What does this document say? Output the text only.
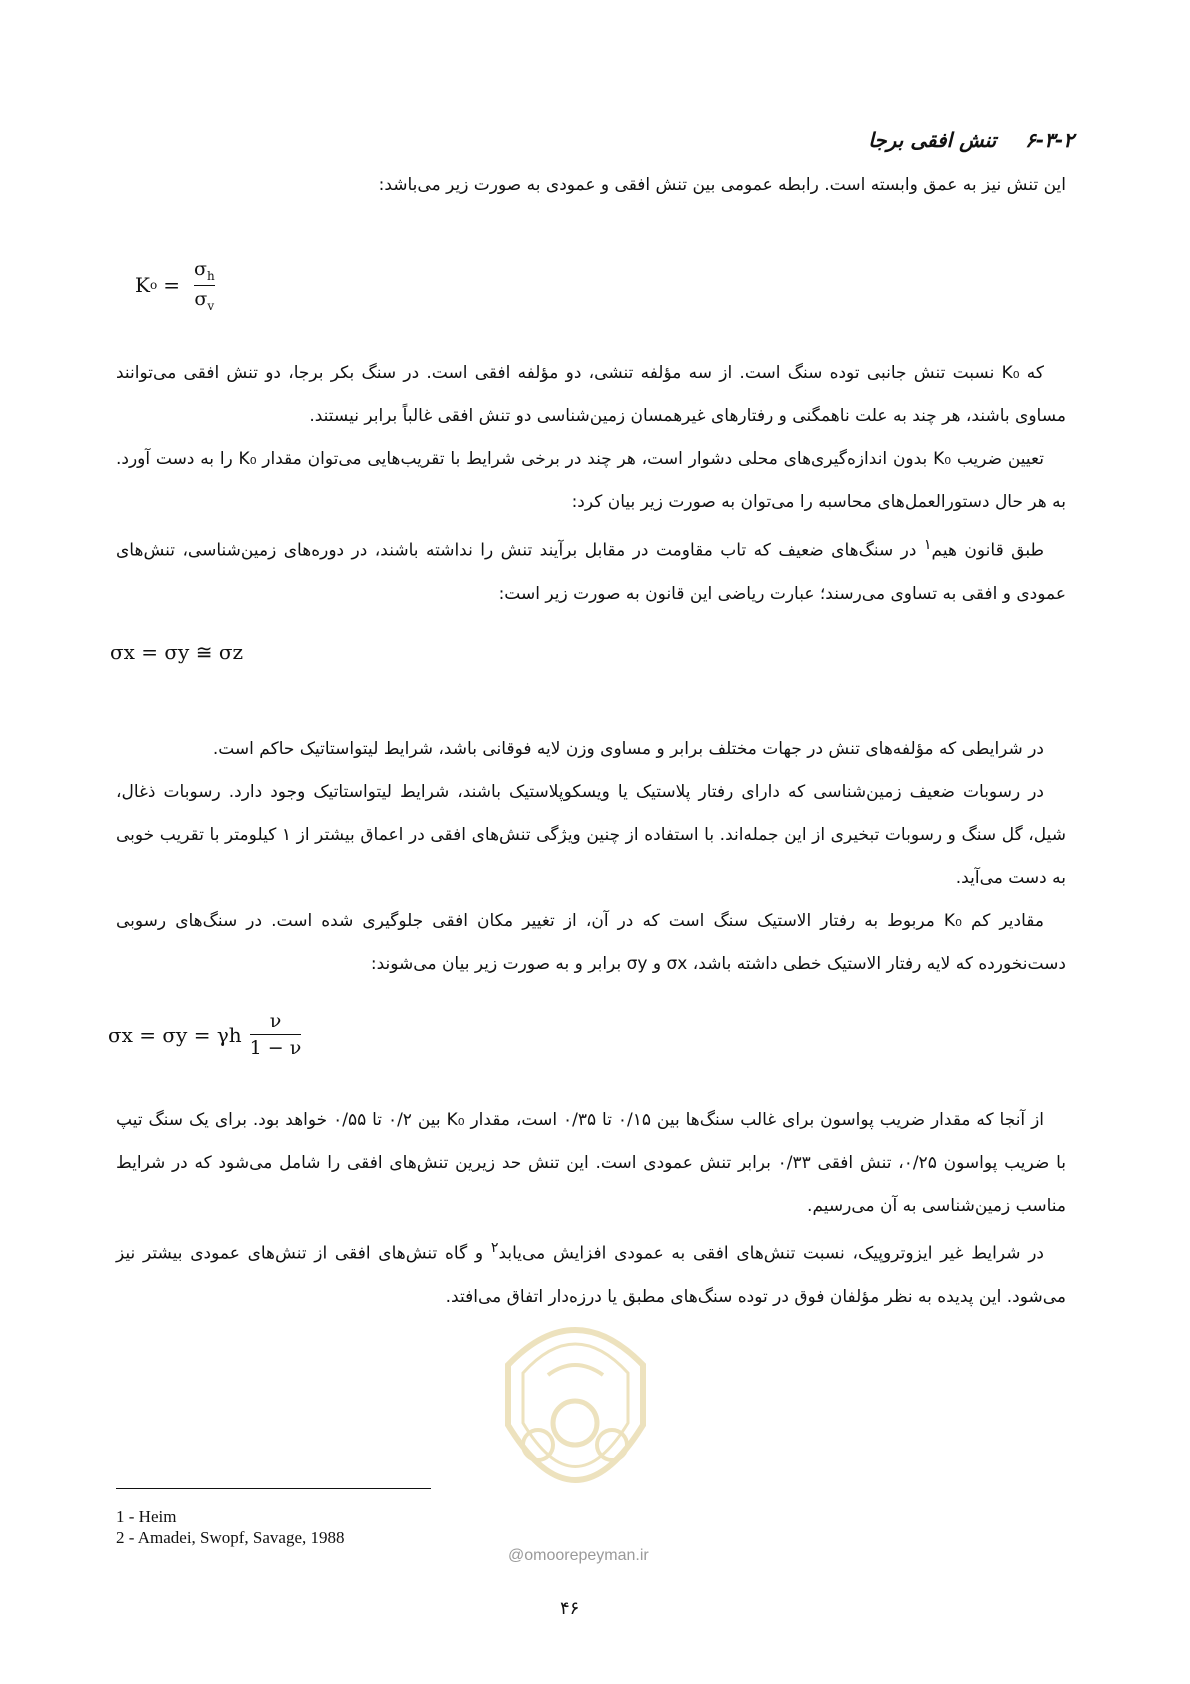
۶-۳-۲ تنش افقی برجا
این تنش نیز به عمق وابسته است. رابطه عمومی بین تنش افقی و عمودی به صورت زیر می‌باشد:
K $o = \frac{\sigma_h}{\sigma_v}$
که K₀ نسبت تنش جانبی توده سنگ است. از سه مؤلفه تنشی، دو مؤلفه افقی است. در سنگ بکر برجا، دو تنش افقی می‌توانند مساوی باشند، هر چند به علت ناهمگنی و رفتارهای غیرهمسان زمین‌شناسی دو تنش افقی غالباً برابر نیستند.
تعیین ضریب K₀ بدون اندازه‌گیری‌های محلی دشوار است، هر چند در برخی شرایط با تقریب‌هایی می‌توان مقدار K₀ را به دست آورد. به هر حال دستورالعمل‌های محاسبه را می‌توان به صورت زیر بیان کرد:
طبق قانون هیم$^۱$ در سنگ‌های ضعیف که تاب مقاومت در مقابل برآیند تنش را نداشته باشند، در دوره‌های زمین‌شناسی، تنش‌های عمودی و افقی به تساوی می‌رسند؛ عبارت ریاضی این قانون به صورت زیر است:
σx = σy ≅ σz
در شرایطی که مؤلفه‌های تنش در جهات مختلف برابر و مساوی وزن لایه فوقانی باشد، شرایط لیتواستاتیک حاکم است.
در رسوبات ضعیف زمین‌شناسی که دارای رفتار پلاستیک یا ویسکوپلاستیک باشند، شرایط لیتواستاتیک وجود دارد. رسوبات ذغال، شیل، گل سنگ و رسوبات تبخیری از این جمله‌اند. با استفاده از چنین ویژگی تنش‌های افقی در اعماق بیشتر از ۱ کیلومتر با تقریب خوبی به دست می‌آید.
مقادیر کم K₀ مربوط به رفتار الاستیک سنگ است که در آن، از تغییر مکان افقی جلوگیری شده است. در سنگ‌های رسوبی دست‌نخورده که لایه رفتار الاستیک خطی داشته باشد، σx و σy برابر و به صورت زیر بیان می‌شوند:
σx = σy = γh $\frac{\nu}{1 - \nu}$
از آنجا که مقدار ضریب پواسون برای غالب سنگ‌ها بین ۰/۱۵ تا ۰/۳۵ است، مقدار K₀ بین ۰/۲ تا ۰/۵۵ خواهد بود. برای یک سنگ تیپ با ضریب پواسون ۰/۲۵، تنش افقی ۰/۳۳ برابر تنش عمودی است. این تنش حد زیرین تنش‌های افقی را شامل می‌شود که در شرایط مناسب زمین‌شناسی به آن می‌رسیم.
در شرایط غیر ایزوتروپیک، نسبت تنش‌های افقی به عمودی افزایش می‌یابد$^۲$ و گاه تنش‌های افقی از تنش‌های عمودی بیشتر نیز می‌شود. این پدیده به نظر مؤلفان فوق در توده سنگ‌های مطبق یا درزه‌دار اتفاق می‌افتد.
@omoorepeyman.ir
1 - Heim
2 - Amadei, Swopf, Savage, 1988
۴۶
